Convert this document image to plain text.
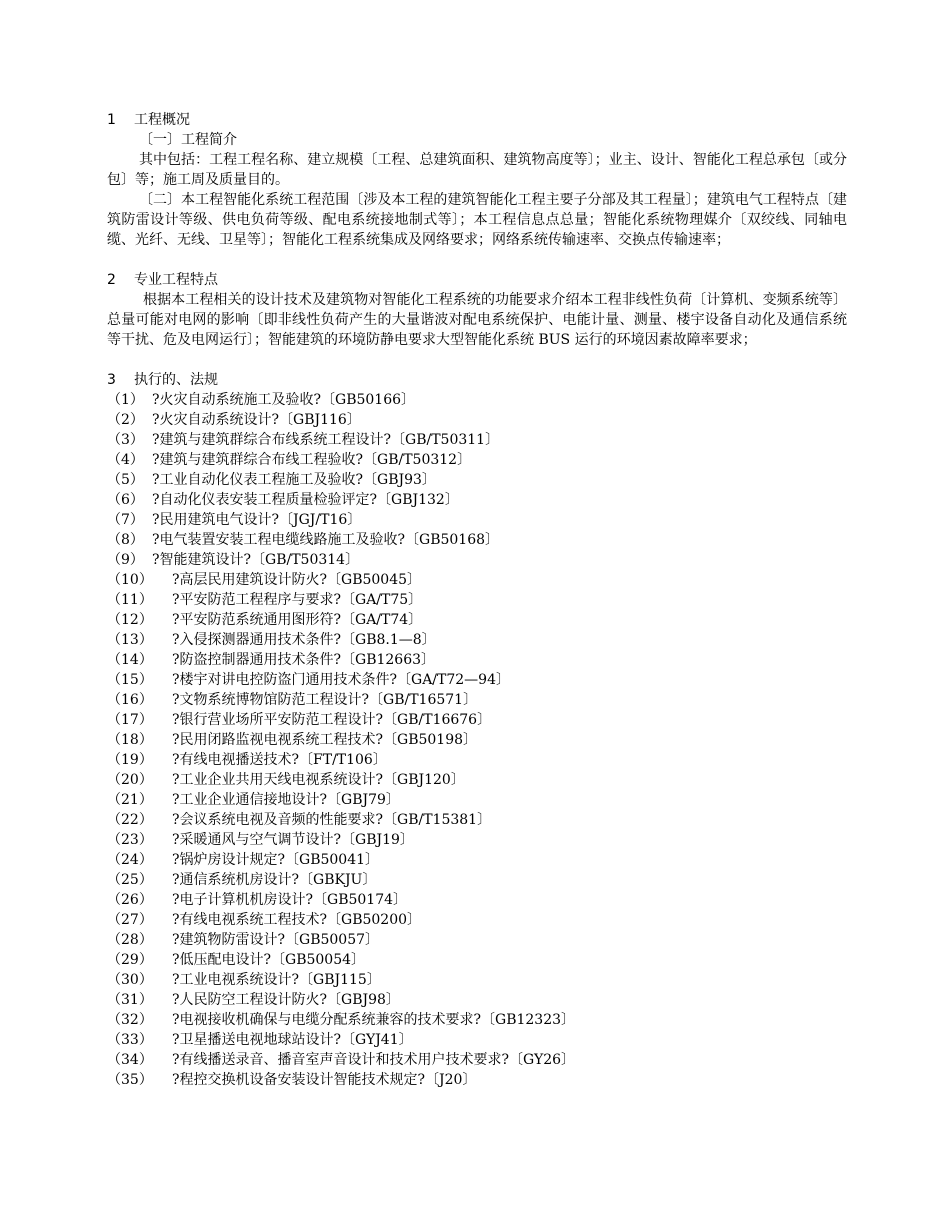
1 工程概况
〔一〕工程简介
其中包括：工程工程名称、建立规模〔工程、总建筑面积、建筑物高度等〕；业主、设计、智能化工程总承包〔或分包〕等；施工周及质量目的。
〔二〕本工程智能化系统工程范围〔涉及本工程的建筑智能化工程主要子分部及其工程量〕；建筑电气工程特点〔建筑防雷设计等级、供电负荷等级、配电系统接地制式等〕；本工程信息点总量；智能化系统物理媒介〔双绞线、同轴电缆、光纤、无线、卫星等〕；智能化工程系统集成及网络要求；网络系统传输速率、交换点传输速率；
2 专业工程特点
根据本工程相关的设计技术及建筑物对智能化工程系统的功能要求介绍本工程非线性负荷〔计算机、变频系统等〕总量可能对电网的影响〔即非线性负荷产生的大量谐波对配电系统保护、电能计量、测量、楼宇设备自动化及通信系统等干扰、危及电网运行〕；智能建筑的环境防静电要求大型智能化系统 BUS 运行的环境因素故障率要求；
3 执行的、法规
（1） ?火灾自动系统施工及验收?〔GB50166〕
（2） ?火灾自动系统设计?〔GBJ116〕
（3） ?建筑与建筑群综合布线系统工程设计?〔GB/T50311〕
（4） ?建筑与建筑群综合布线工程验收?〔GB/T50312〕
（5） ?工业自动化仪表工程施工及验收?〔GBJ93〕
（6） ?自动化仪表安装工程质量检验评定?〔GBJ132〕
（7） ?民用建筑电气设计?〔JGJ/T16〕
（8） ?电气装置安装工程电缆线路施工及验收?〔GB50168〕
（9） ?智能建筑设计?〔GB/T50314〕
（10）	?高层民用建筑设计防火?〔GB50045〕
（11）	?平安防范工程程序与要求?〔GA/T75〕
（12）	?平安防范系统通用图形符?〔GA/T74〕
（13）	?入侵探测器通用技术条件?〔GB8.1—8〕
（14）	?防盗控制器通用技术条件?〔GB12663〕
（15）	?楼宇对讲电控防盗门通用技术条件?〔GA/T72—94〕
（16）	?文物系统博物馆防范工程设计?〔GB/T16571〕
（17）	?银行营业场所平安防范工程设计?〔GB/T16676〕
（18）	?民用闭路监视电视系统工程技术?〔GB50198〕
（19）	?有线电视播送技术?〔FT/T106〕
（20）	?工业企业共用天线电视系统设计?〔GBJ120〕
（21）	?工业企业通信接地设计?〔GBJ79〕
（22）	?会议系统电视及音频的性能要求?〔GB/T15381〕
（23）	?采暖通风与空气调节设计?〔GBJ19〕
（24）	?锅炉房设计规定?〔GB50041〕
（25）	?通信系统机房设计?〔GBKJU〕
（26）	?电子计算机机房设计?〔GB50174〕
（27）	?有线电视系统工程技术?〔GB50200〕
（28）	?建筑物防雷设计?〔GB50057〕
（29）	?低压配电设计?〔GB50054〕
（30）	?工业电视系统设计?〔GBJ115〕
（31）	?人民防空工程设计防火?〔GBJ98〕
（32）	?电视接收机确保与电缆分配系统兼容的技术要求?〔GB12323〕
（33）	?卫星播送电视地球站设计?〔GYJ41〕
（34）	?有线播送录音、播音室声音设计和技术用户技术要求?〔GY26〕
（35）	?程控交换机设备安装设计智能技术规定?〔J20〕
